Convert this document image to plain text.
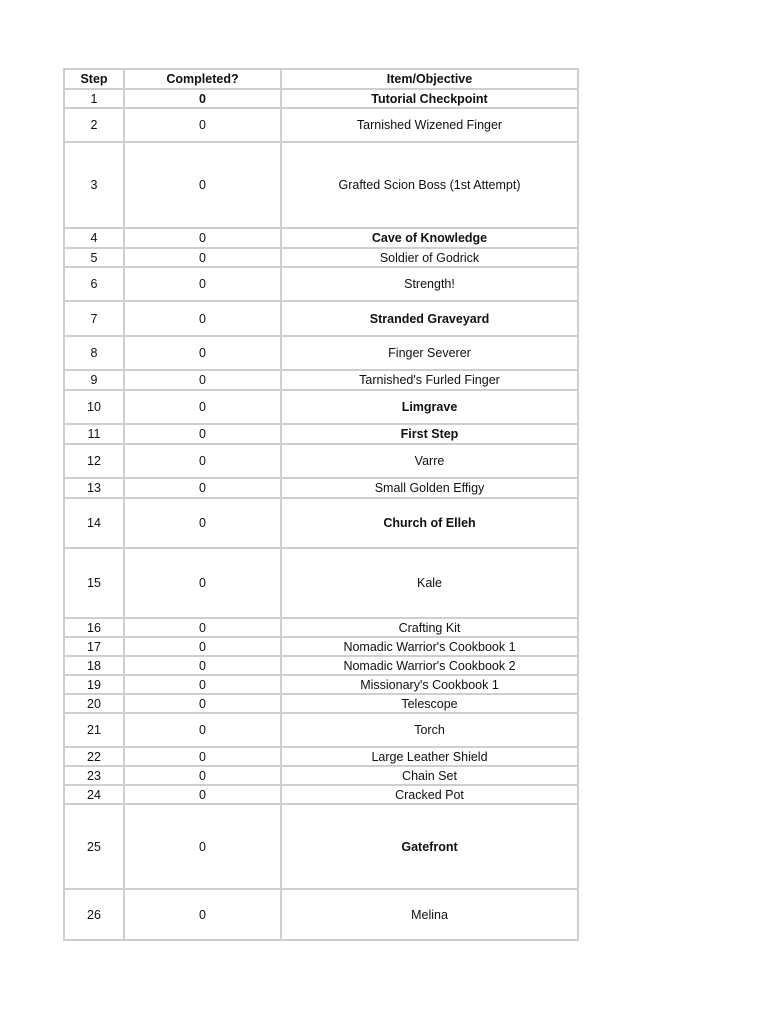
Step	Completed?	Item/Objective
1	0	Tutorial Checkpoint
2	0	Tarnished Wizened Finger
3	0	Grafted Scion Boss (1st Attempt)
4	0	Cave of Knowledge
5	0	Soldier of Godrick
6	0	Strength!
7	0	Stranded Graveyard
8	0	Finger Severer
9	0	Tarnished's Furled Finger
10	0	Limgrave
11	0	First Step
12	0	Varre
13	0	Small Golden Effigy
14	0	Church of Elleh
15	0	Kale
16	0	Crafting Kit
17	0	Nomadic Warrior's Cookbook 1
18	0	Nomadic Warrior's Cookbook 2
19	0	Missionary's Cookbook 1
20	0	Telescope
21	0	Torch
22	0	Large Leather Shield
23	0	Chain Set
24	0	Cracked Pot
25	0	Gatefront
26	0	Melina
